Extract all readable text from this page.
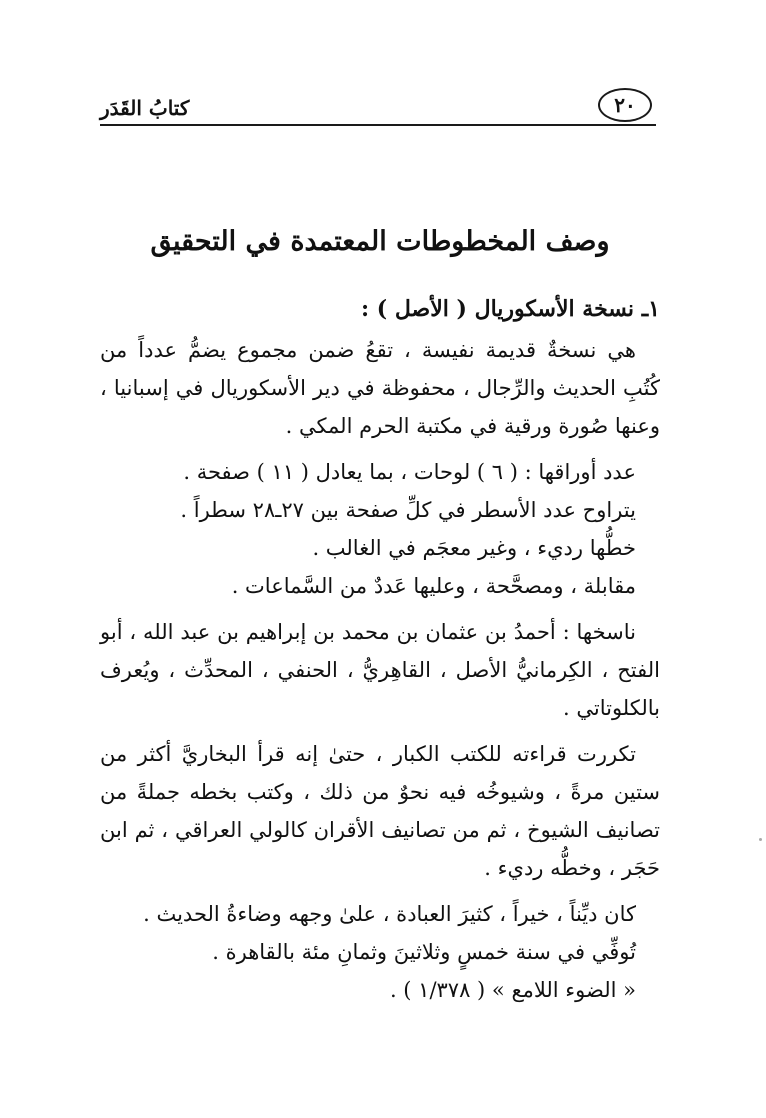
كتابُ القَدَر	٢٠
وصف المخطوطات المعتمدة في التحقيق
١ـ نسخة الأسكوريال ( الأصل ) :

هي نسخةٌ قديمة نفيسة ، تقعُ ضمن مجموع يضمُّ عدداً من كُتُبِ الحديث والرِّجال ، محفوظة في دير الأسكوريال في إسبانيا ، وعنها صُورة ورقية في مكتبة الحرم المكي .

عدد أوراقها : ( ٦ ) لوحات ، بما يعادل ( ١١ ) صفحة .

يتراوح عدد الأسطر في كلِّ صفحة بين ٢٧ـ٢٨ سطراً .

خطُّها رديء ، وغير معجَم في الغالب .

مقابلة ، ومصحَّحة ، وعليها عَددٌ من السَّماعات .

ناسخها : أحمدُ بن عثمان بن محمد بن إبراهيم بن عبد الله ، أبو الفتح ، الكِرمانيُّ الأصل ، القاهِريُّ ، الحنفي ، المحدِّث ، ويُعرف بالكلوتاتي .

تكررت قراءته للكتب الكبار ، حتىٰ إنه قرأ البخاريَّ أكثر من ستين مرةً ، وشيوخُه فيه نحوٌ من ذلك ، وكتب بخطه جملةً من تصانيف الشيوخ ، ثم من تصانيف الأقران كالولي العراقي ، ثم ابن حَجَر ، وخطُّه رديء .

كان ديِّناً ، خيراً ، كثيرَ العبادة ، علىٰ وجهه وضاءةُ الحديث .

تُوفِّي في سنة خمسٍ وثلاثينَ وثمانِ مئة بالقاهرة .

« الضوء اللامع » ( ١/٣٧٨ ) .
